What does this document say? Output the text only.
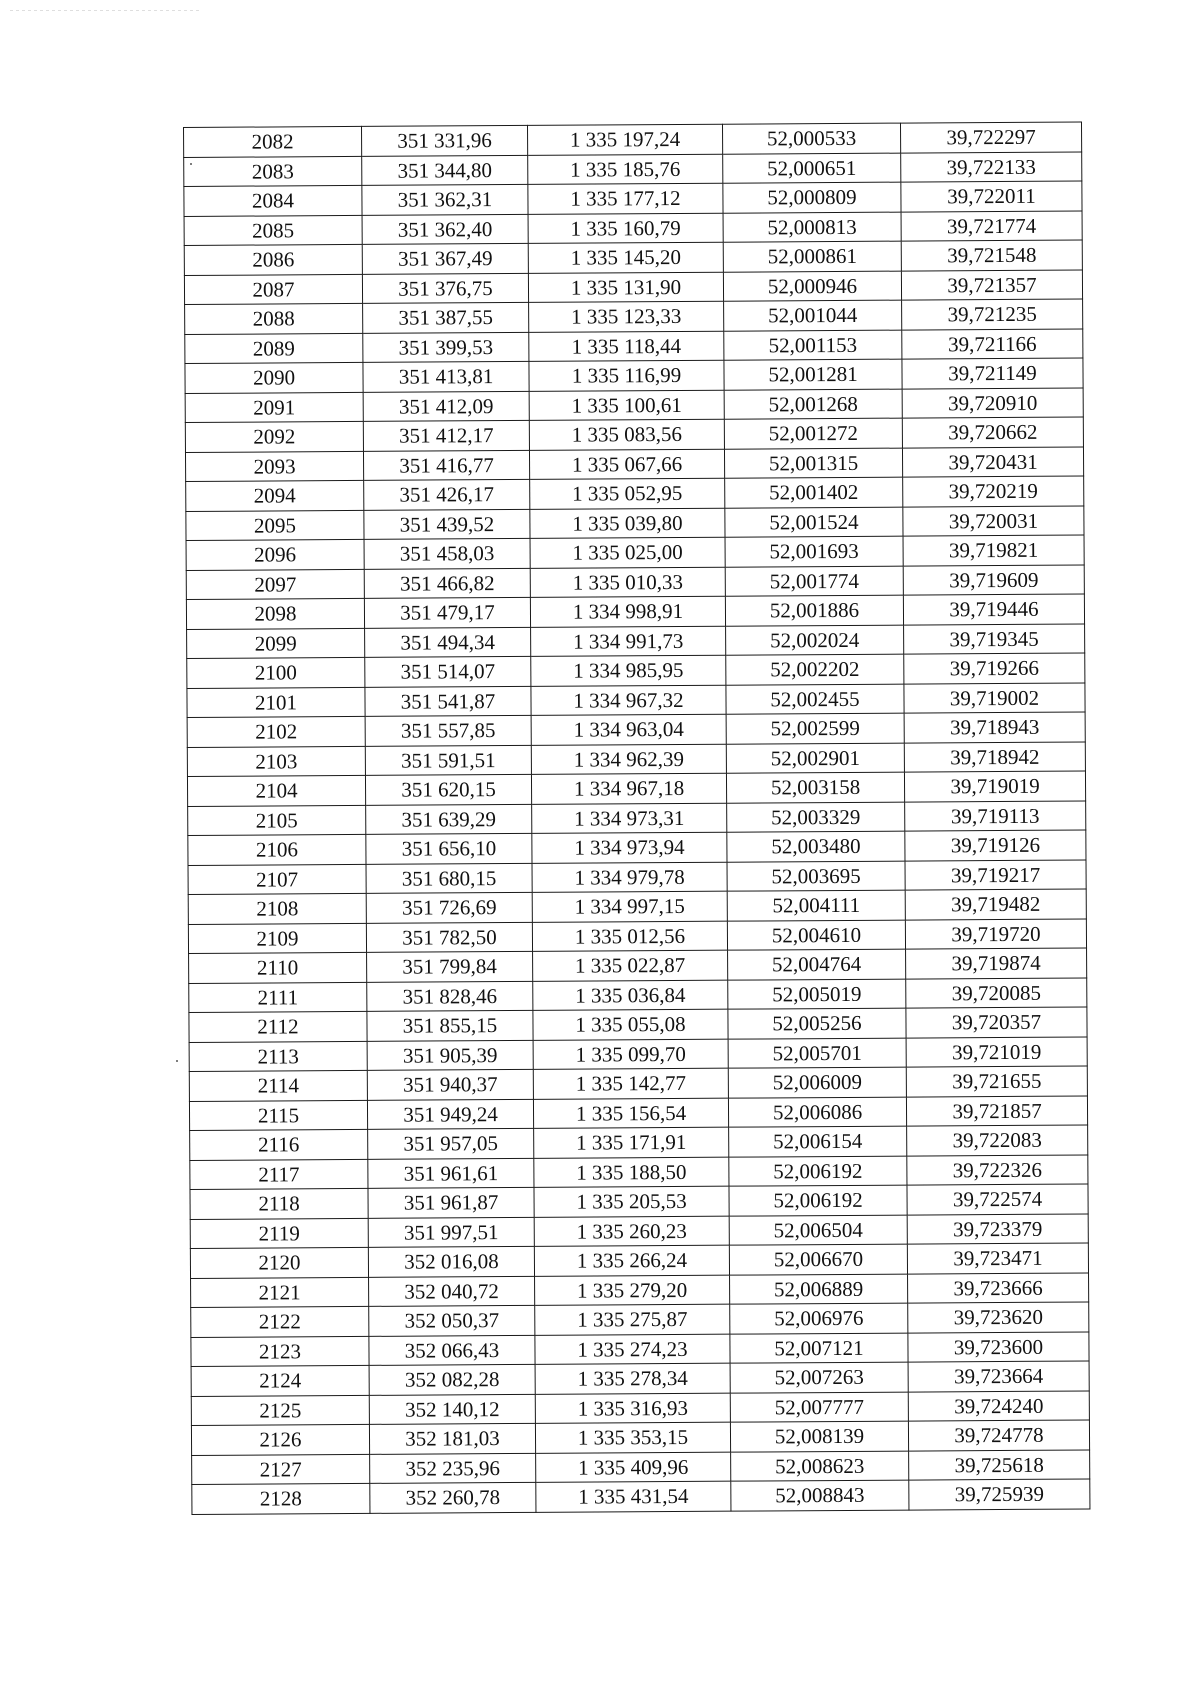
2082	351 331,96	1 335 197,24	52,000533	39,722297
2083	351 344,80	1 335 185,76	52,000651	39,722133
2084	351 362,31	1 335 177,12	52,000809	39,722011
2085	351 362,40	1 335 160,79	52,000813	39,721774
2086	351 367,49	1 335 145,20	52,000861	39,721548
2087	351 376,75	1 335 131,90	52,000946	39,721357
2088	351 387,55	1 335 123,33	52,001044	39,721235
2089	351 399,53	1 335 118,44	52,001153	39,721166
2090	351 413,81	1 335 116,99	52,001281	39,721149
2091	351 412,09	1 335 100,61	52,001268	39,720910
2092	351 412,17	1 335 083,56	52,001272	39,720662
2093	351 416,77	1 335 067,66	52,001315	39,720431
2094	351 426,17	1 335 052,95	52,001402	39,720219
2095	351 439,52	1 335 039,80	52,001524	39,720031
2096	351 458,03	1 335 025,00	52,001693	39,719821
2097	351 466,82	1 335 010,33	52,001774	39,719609
2098	351 479,17	1 334 998,91	52,001886	39,719446
2099	351 494,34	1 334 991,73	52,002024	39,719345
2100	351 514,07	1 334 985,95	52,002202	39,719266
2101	351 541,87	1 334 967,32	52,002455	39,719002
2102	351 557,85	1 334 963,04	52,002599	39,718943
2103	351 591,51	1 334 962,39	52,002901	39,718942
2104	351 620,15	1 334 967,18	52,003158	39,719019
2105	351 639,29	1 334 973,31	52,003329	39,719113
2106	351 656,10	1 334 973,94	52,003480	39,719126
2107	351 680,15	1 334 979,78	52,003695	39,719217
2108	351 726,69	1 334 997,15	52,004111	39,719482
2109	351 782,50	1 335 012,56	52,004610	39,719720
2110	351 799,84	1 335 022,87	52,004764	39,719874
2111	351 828,46	1 335 036,84	52,005019	39,720085
2112	351 855,15	1 335 055,08	52,005256	39,720357
2113	351 905,39	1 335 099,70	52,005701	39,721019
2114	351 940,37	1 335 142,77	52,006009	39,721655
2115	351 949,24	1 335 156,54	52,006086	39,721857
2116	351 957,05	1 335 171,91	52,006154	39,722083
2117	351 961,61	1 335 188,50	52,006192	39,722326
2118	351 961,87	1 335 205,53	52,006192	39,722574
2119	351 997,51	1 335 260,23	52,006504	39,723379
2120	352 016,08	1 335 266,24	52,006670	39,723471
2121	352 040,72	1 335 279,20	52,006889	39,723666
2122	352 050,37	1 335 275,87	52,006976	39,723620
2123	352 066,43	1 335 274,23	52,007121	39,723600
2124	352 082,28	1 335 278,34	52,007263	39,723664
2125	352 140,12	1 335 316,93	52,007777	39,724240
2126	352 181,03	1 335 353,15	52,008139	39,724778
2127	352 235,96	1 335 409,96	52,008623	39,725618
2128	352 260,78	1 335 431,54	52,008843	39,725939
